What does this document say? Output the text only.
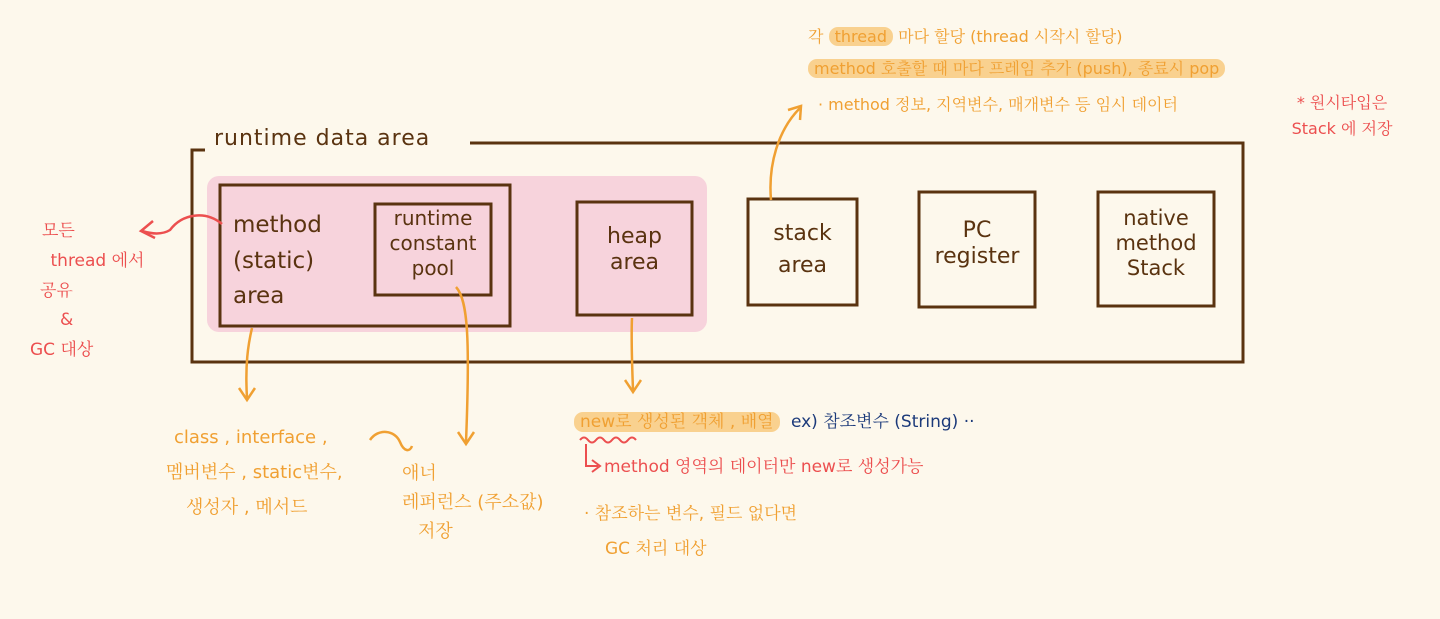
runtime data area
method
(static)
area
runtime
constant
pool
heap
area
stack
area
PC
register
native
method
Stack
모든
thread 에서
공유
&
GC 대상
각 thread 마다 할당 (thread 시작시 할당)
method 호출할 때 마다 프레임 추가 (push), 종료시 pop
· method 정보, 지역변수, 매개변수 등 임시 데이터	* 원시타입은
Stack 에 저장
class , interface ,
멤버변수 , static변수,
생성자 , 메서드
애너
레퍼런스 (주소값)
저장
new로 생성된 객체 , 배열 ex) 참조변수 (String) ··
method 영역의 데이터만 new로 생성가능
· 참조하는 변수, 필드 없다면
GC 처리 대상
